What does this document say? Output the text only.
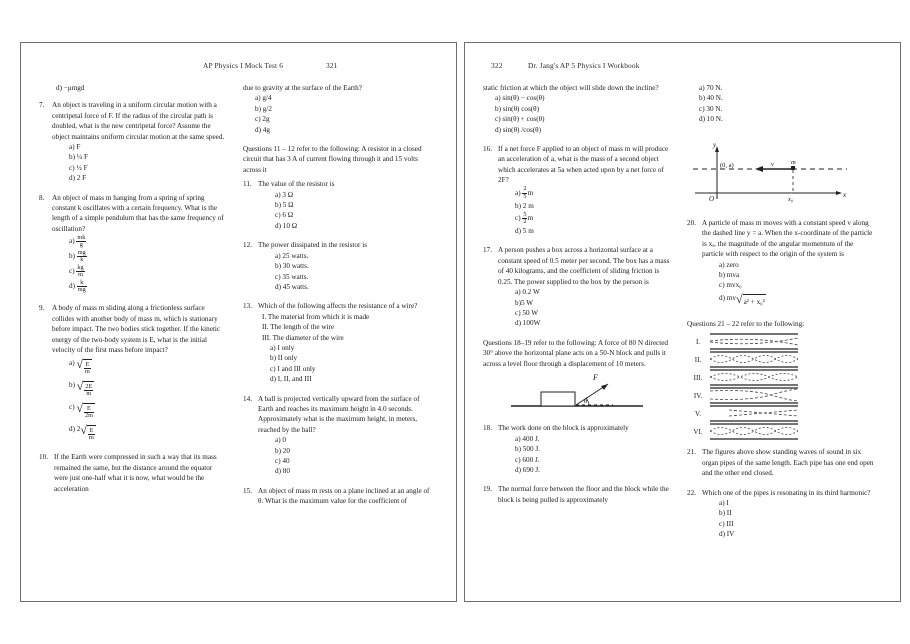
AP Physics I Mock Test 6	321
d) −μmgd
7.	An object is traveling in a uniform circular motion with a centripetal force of F. If the radius of the circular path is doubled, what is the new centripetal force? Assume the object maintains uniform circular motion at the same speed.

a) F
b) ¼ F
c) ½ F
d) 2 F
8.	An object of mass m hanging from a spring of spring constant k oscillates with a certain frequency. What is the length of a simple pendulum that has the same frequency of oscillation?

$a) \frac{mk}{g}$
$b) \frac{mg}{k}$
$c) \frac{kg}{m}$
$d) \frac{k}{mg}$
9.	A body of mass m sliding along a frictionless surface collides with another body of mass m, which is stationary before impact. The two bodies stick together. If the kinetic energy of the two-body system is E, what is the initial velocity of the first mass before impact?

a) √ $\frac{E}{m}$
b) √ $\frac{2E}{m}$
c) √ $\frac{E}{2m}$
d) $2√ \frac{E}{m}$
10. If the Earth were compressed in such a way that its mass remained the same, but the distance around the equator were just one-half what it is now, what would be the acceleration

due to gravity at the surface of the Earth?

a) g/4
b) g/2
c) 2g
d) 4g

Questions 11 – 12 refer to the following: A resistor in a closed circuit that has 3 A of current flowing through it and 15 volts across it

11. The value of the resistor is

a) 3 Ω
b) 5 Ω
c) 6 Ω
d) 10 Ω
12. The power dissipated in the resistor is

a) 25 watts.
b) 30 watts.
c) 35 watts.
d) 45 watts.
13. Which of the following affects the resistance of a wire?

I. The material from which it is made
II. The length of the wire
III. The diameter of the wire
a) I only
b) II only
c) I and III only
d) I, II, and III
14. A ball is projected vertically upward from the surface of Earth and reaches its maximum height in 4.0 seconds. Approximately what is the maximum height, in meters, reached by the ball?

a) 0
b) 20
c) 40
d) 80
15. An object of mass m rests on a plane inclined at an angle of θ. What is the maximum value for the coefficient of

322	Dr. Jang's AP 5 Physics I Workbook

static friction at which the object will slide down the incline?

a) sin(θ) − cos(θ)
b) sin(θ) cos(θ)
c) sin(θ) + cos(θ)
d) sin(θ) /cos(θ)
16. If a net force F applied to an object of mass m will produce an acceleration of a, what is the mass of a second object which accelerates at 5a when acted upon by a net force of 2F?

$a) \frac{2}{5}$ m
b) 2 m
$c) \frac{5}{2}$ m
d) 5 m
17. A person pushes a box across a horizontal surface at a constant speed of 0.5 meter per second. The box has a mass of 40 kilograms, and the coefficient of sliding friction is 0.25. The power supplied to the box by the person is

a) 0.2 W
b)5 W
c) 50 W
d) 100W

Questions 18–19 refer to the following: A force of 80 N directed 30° above the horizontal plane acts on a 50-N block and pulls it across a level floor through a displacement of 10 meters.

F
θ
18. The work done on the block is approximately

a) 400 J.
b) 500 J.
c) 600 J.
d) 690 J.
19. The normal force between the floor and the block while the block is being pulled is approximately

a) 70 N.
b) 40 N.
c) 30 N.
d) 10 N.
y
x
O
(0, a)	v	m
x₀
20. A particle of mass m moves with a constant speed v along the dashed line y = a. When the x-coordinate of the particle is xₐ, the magnitude of the angular momentum of the particle with respect to the origin of the system is

a) zero
b) mva
c) mvx₀
d) mv√a² + x₀²

Questions 21 – 22 refer to the following:

I.
II.
III.
IV.
V.
VI.
21. The figures above show standing waves of sound in six organ pipes of the same length. Each pipe has one end open and the other end closed.

22. Which one of the pipes is resonating in its third harmonic?

a) I
b) II
c) III
d) IV
